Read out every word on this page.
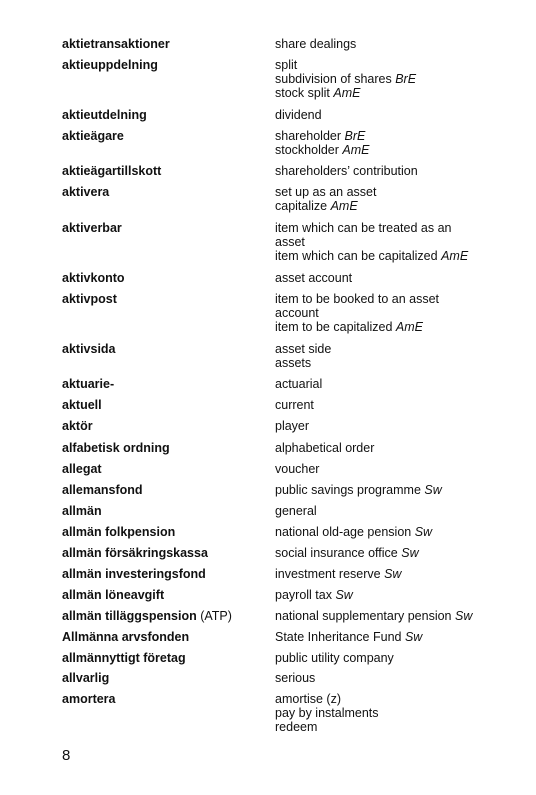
aktietransaktioner	share dealings
aktieuppdelning	split
subdivision of shares BrE
stock split AmE
aktieutdelning	dividend
aktieägare	shareholder BrE
stockholder AmE
aktieägartillskott	shareholders’ contribution
aktivera	set up as an asset
capitalize AmE
aktiverbar	item which can be treated as an
asset
item which can be capitalized AmE
aktivkonto	asset account
aktivpost	item to be booked to an asset
account
item to be capitalized AmE
aktivsida	asset side
assets
aktuarie-	actuarial
aktuell	current
aktör	player
alfabetisk ordning	alphabetical order
allegat	voucher
allemansfond	public savings programme Sw
allmän	general
allmän folkpension	national old-age pension Sw
allmän försäkringskassa	social insurance office Sw
allmän investeringsfond	investment reserve Sw
allmän löneavgift	payroll tax Sw
allmän tilläggspension (ATP)	national supplementary pension Sw
Allmänna arvsfonden	State Inheritance Fund Sw
allmännyttigt företag	public utility company
allvarlig	serious
amortera	amortise (z)
pay by instalments
redeem
8
